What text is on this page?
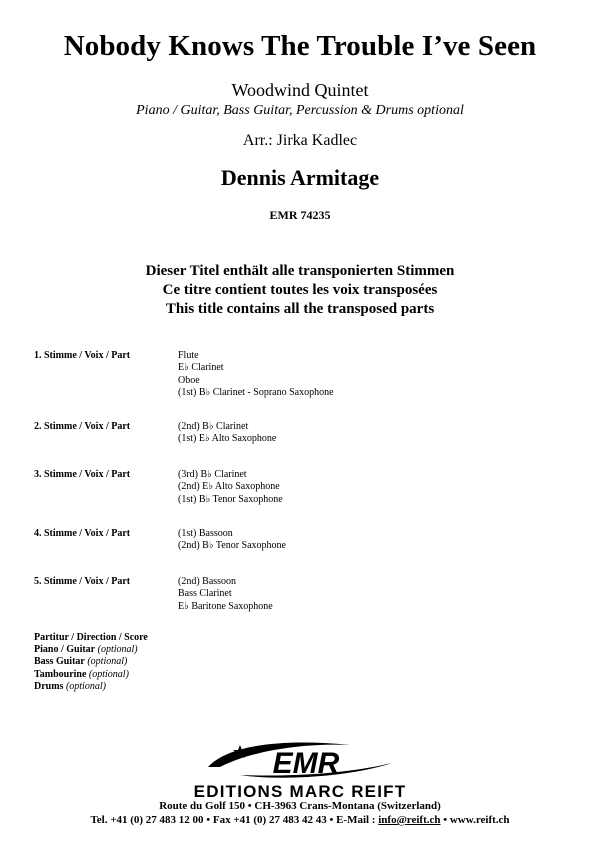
Nobody Knows The Trouble I’ve Seen
Woodwind Quintet
Piano / Guitar, Bass Guitar, Percussion & Drums optional
Arr.: Jirka Kadlec
Dennis Armitage
EMR 74235
Dieser Titel enthält alle transponierten Stimmen
Ce titre contient toutes les voix transposées
This title contains all the transposed parts
1. Stimme / Voix / Part	Flute
E♭ Clarinet
Oboe
(1st) B♭ Clarinet - Soprano Saxophone
2. Stimme / Voix / Part	(2nd) B♭ Clarinet
(1st) E♭ Alto Saxophone
3. Stimme / Voix / Part	(3rd) B♭ Clarinet
(2nd) E♭ Alto Saxophone
(1st) B♭ Tenor Saxophone
4. Stimme / Voix / Part	(1st) Bassoon
(2nd) B♭ Tenor Saxophone
5. Stimme / Voix / Part	(2nd) Bassoon
Bass Clarinet
E♭ Baritone Saxophone
Partitur / Direction / Score
Piano / Guitar (optional)
Bass Guitar (optional)
Tambourine (optional)
Drums (optional)
EMR
EDITIONS MARC REIFT
Route du Golf 150 • CH-3963 Crans-Montana (Switzerland)
Tel. +41 (0) 27 483 12 00 • Fax +41 (0) 27 483 42 43 • E-Mail : info@reift.ch • www.reift.ch
